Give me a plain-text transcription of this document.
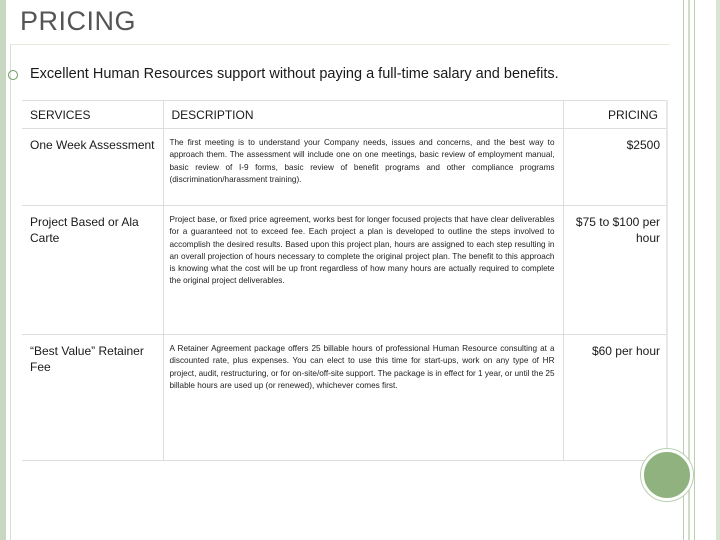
PRICING
Excellent Human Resources support without paying a full-time salary and benefits.
SERVICES	DESCRIPTION	PRICING

One Week Assessment	The first meeting is to understand your Company needs, issues and concerns, and the best way to approach them. The assessment will include one on one meetings, basic review of employment manual, basic review of I-9 forms, basic review of benefit programs and other compliance programs (discrimination/harassment training).	$2500

Project Based or Ala Carte	Project base, or fixed price agreement, works best for longer focused projects that have clear deliverables for a guaranteed not to exceed fee. Each project a plan is developed to outline the steps involved to accomplish the desired results. Based upon this project plan, hours are assigned to each step resulting in an overall projection of hours necessary to complete the original project plan. The benefit to this approach is knowing what the cost will be up front regardless of how many hours are actually required to complete the original project deliverables.	$75 to $100 per hour

“Best Value” Retainer Fee	A Retainer Agreement package offers 25 billable hours of professional Human Resource consulting at a discounted rate, plus expenses. You can elect to use this time for start-ups, work on any type of HR project, audit, restructuring, or for on-site/off-site support. The package is in effect for 1 year, or until the 25 billable hours are used up (or renewed), whichever comes first.	$60 per hour
